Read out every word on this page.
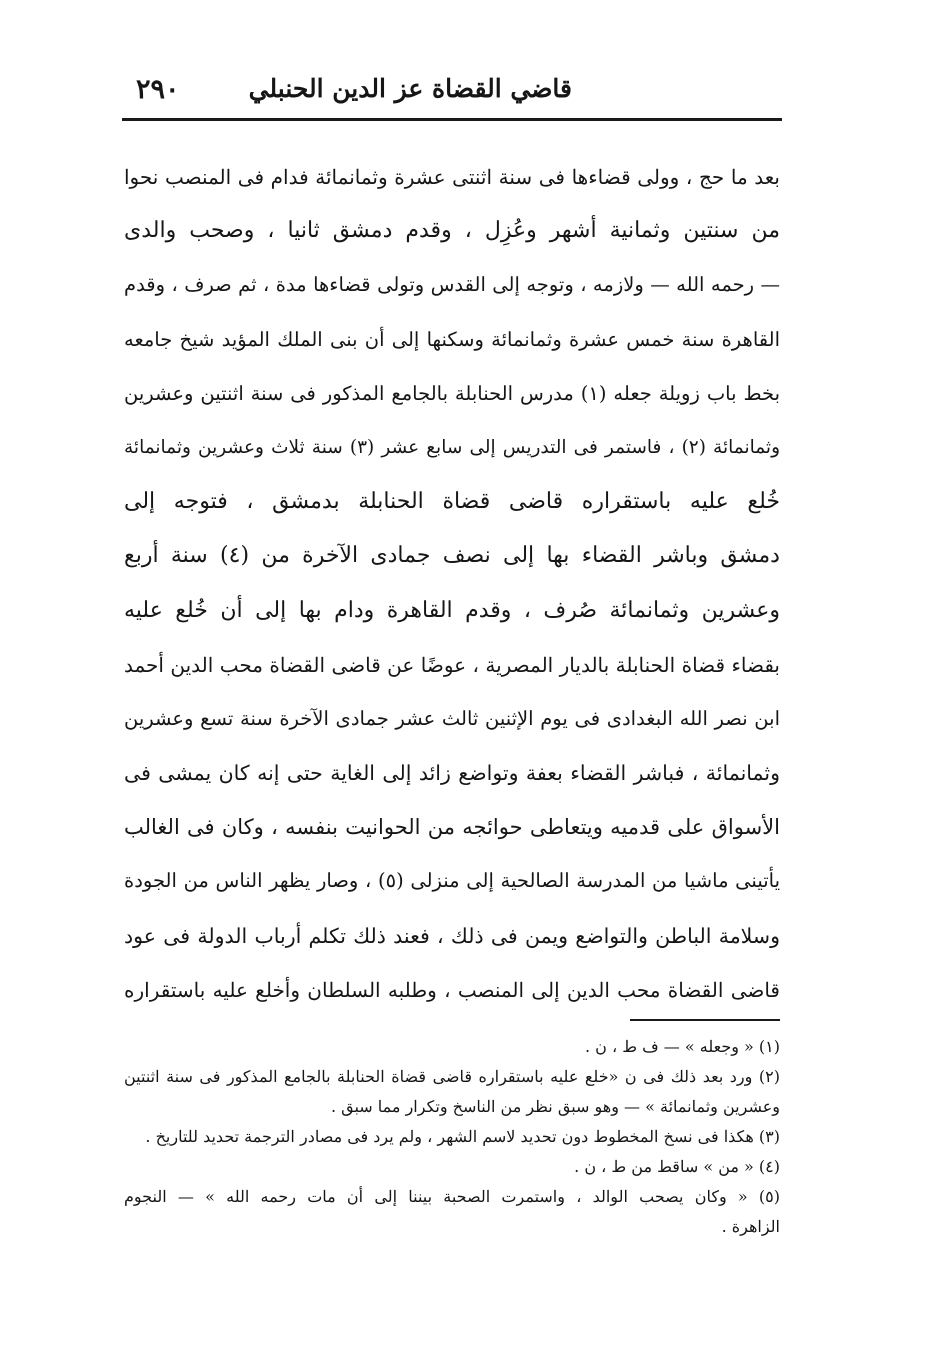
٢٩٠	قاضي القضاة عز الدين الحنبلي
بعد ما حج ، وولى قضاءها فى سنة اثنتى عشرة وثمانمائة فدام فى المنصب نحوا
من سنتين وثمانية أشهر وعُزِل ، وقدم دمشق ثانيا ، وصحب والدى
— رحمه الله — ولازمه ، وتوجه إلى القدس وتولى قضاءها مدة ، ثم صرف ، وقدم
القاهرة سنة خمس عشرة وثمانمائة وسكنها إلى أن بنى الملك المؤيد شيخ جامعه
بخط باب زويلة جعله (١) مدرس الحنابلة بالجامع المذكور فى سنة اثنتين وعشرين
وثمانمائة (٢) ، فاستمر فى التدريس إلى سابع عشر (٣) سنة ثلاث وعشرين وثمانمائة
خُلع عليه باستقراره قاضى قضاة الحنابلة بدمشق ، فتوجه إلى
دمشق وباشر القضاء بها إلى نصف جمادى الآخرة من (٤) سنة أربع
وعشرين وثمانمائة صُرف ، وقدم القاهرة ودام بها إلى أن خُلع عليه
بقضاء قضاة الحنابلة بالديار المصرية ، عوضًا عن قاضى القضاة محب الدين أحمد
ابن نصر الله البغدادى فى يوم الإثنين ثالث عشر جمادى الآخرة سنة تسع وعشرين
وثمانمائة ، فباشر القضاء بعفة وتواضع زائد إلى الغاية حتى إنه كان يمشى فى
الأسواق على قدميه ويتعاطى حوائجه من الحوانيت بنفسه ، وكان فى الغالب
يأتينى ماشيا من المدرسة الصالحية إلى منزلى (٥) ، وصار يظهر الناس من الجودة
وسلامة الباطن والتواضع ويمن فى ذلك ، فعند ذلك تكلم أرباب الدولة فى عود
قاضى القضاة محب الدين إلى المنصب ، وطلبه السلطان وأخلع عليه باستقراره
(١) « وجعله » — ف ط ، ن .
(٢) ورد بعد ذلك فى ن «خلع عليه باستقراره قاضى قضاة الحنابلة بالجامع المذكور فى سنة اثنتين
وعشرين وثمانمائة » — وهو سبق نظر من الناسخ وتكرار مما سبق .
(٣) هكذا فى نسخ المخطوط دون تحديد لاسم الشهر ، ولم يرد فى مصادر الترجمة تحديد للتاريخ .
(٤) « من » ساقط من ط ، ن .
(٥) « وكان يصحب الوالد ، واستمرت الصحبة بيننا إلى أن مات رحمه الله » — النجوم
الزاهرة .
